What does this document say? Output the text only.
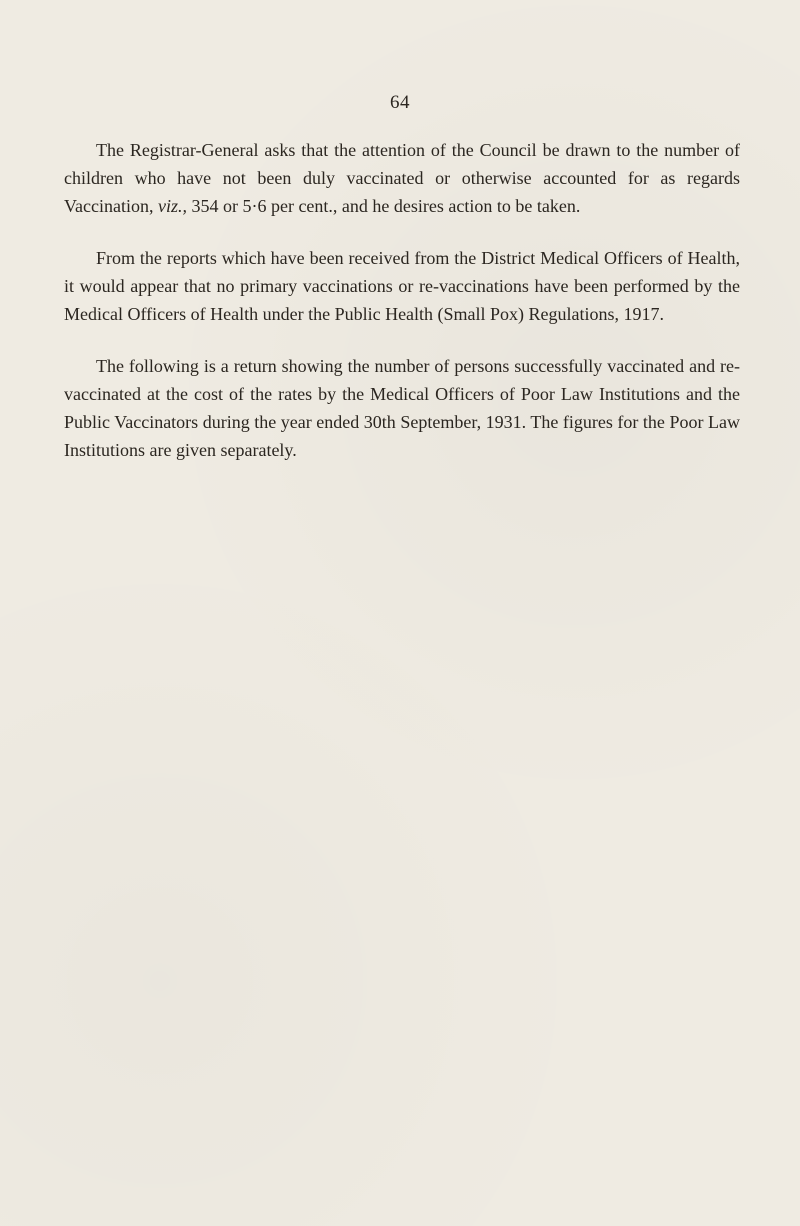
64

The Registrar-General asks that the attention of the Council be drawn to the number of children who have not been duly vaccinated or otherwise accounted for as regards Vaccination, viz., 354 or 5·6 per cent., and he desires action to be taken.

From the reports which have been received from the District Medical Officers of Health, it would appear that no primary vaccinations or re-vaccinations have been performed by the Medical Officers of Health under the Public Health (Small Pox) Regulations, 1917.

The following is a return showing the number of persons successfully vaccinated and re-vaccinated at the cost of the rates by the Medical Officers of Poor Law Institutions and the Public Vaccinators during the year ended 30th September, 1931. The figures for the Poor Law Institutions are given separately.
